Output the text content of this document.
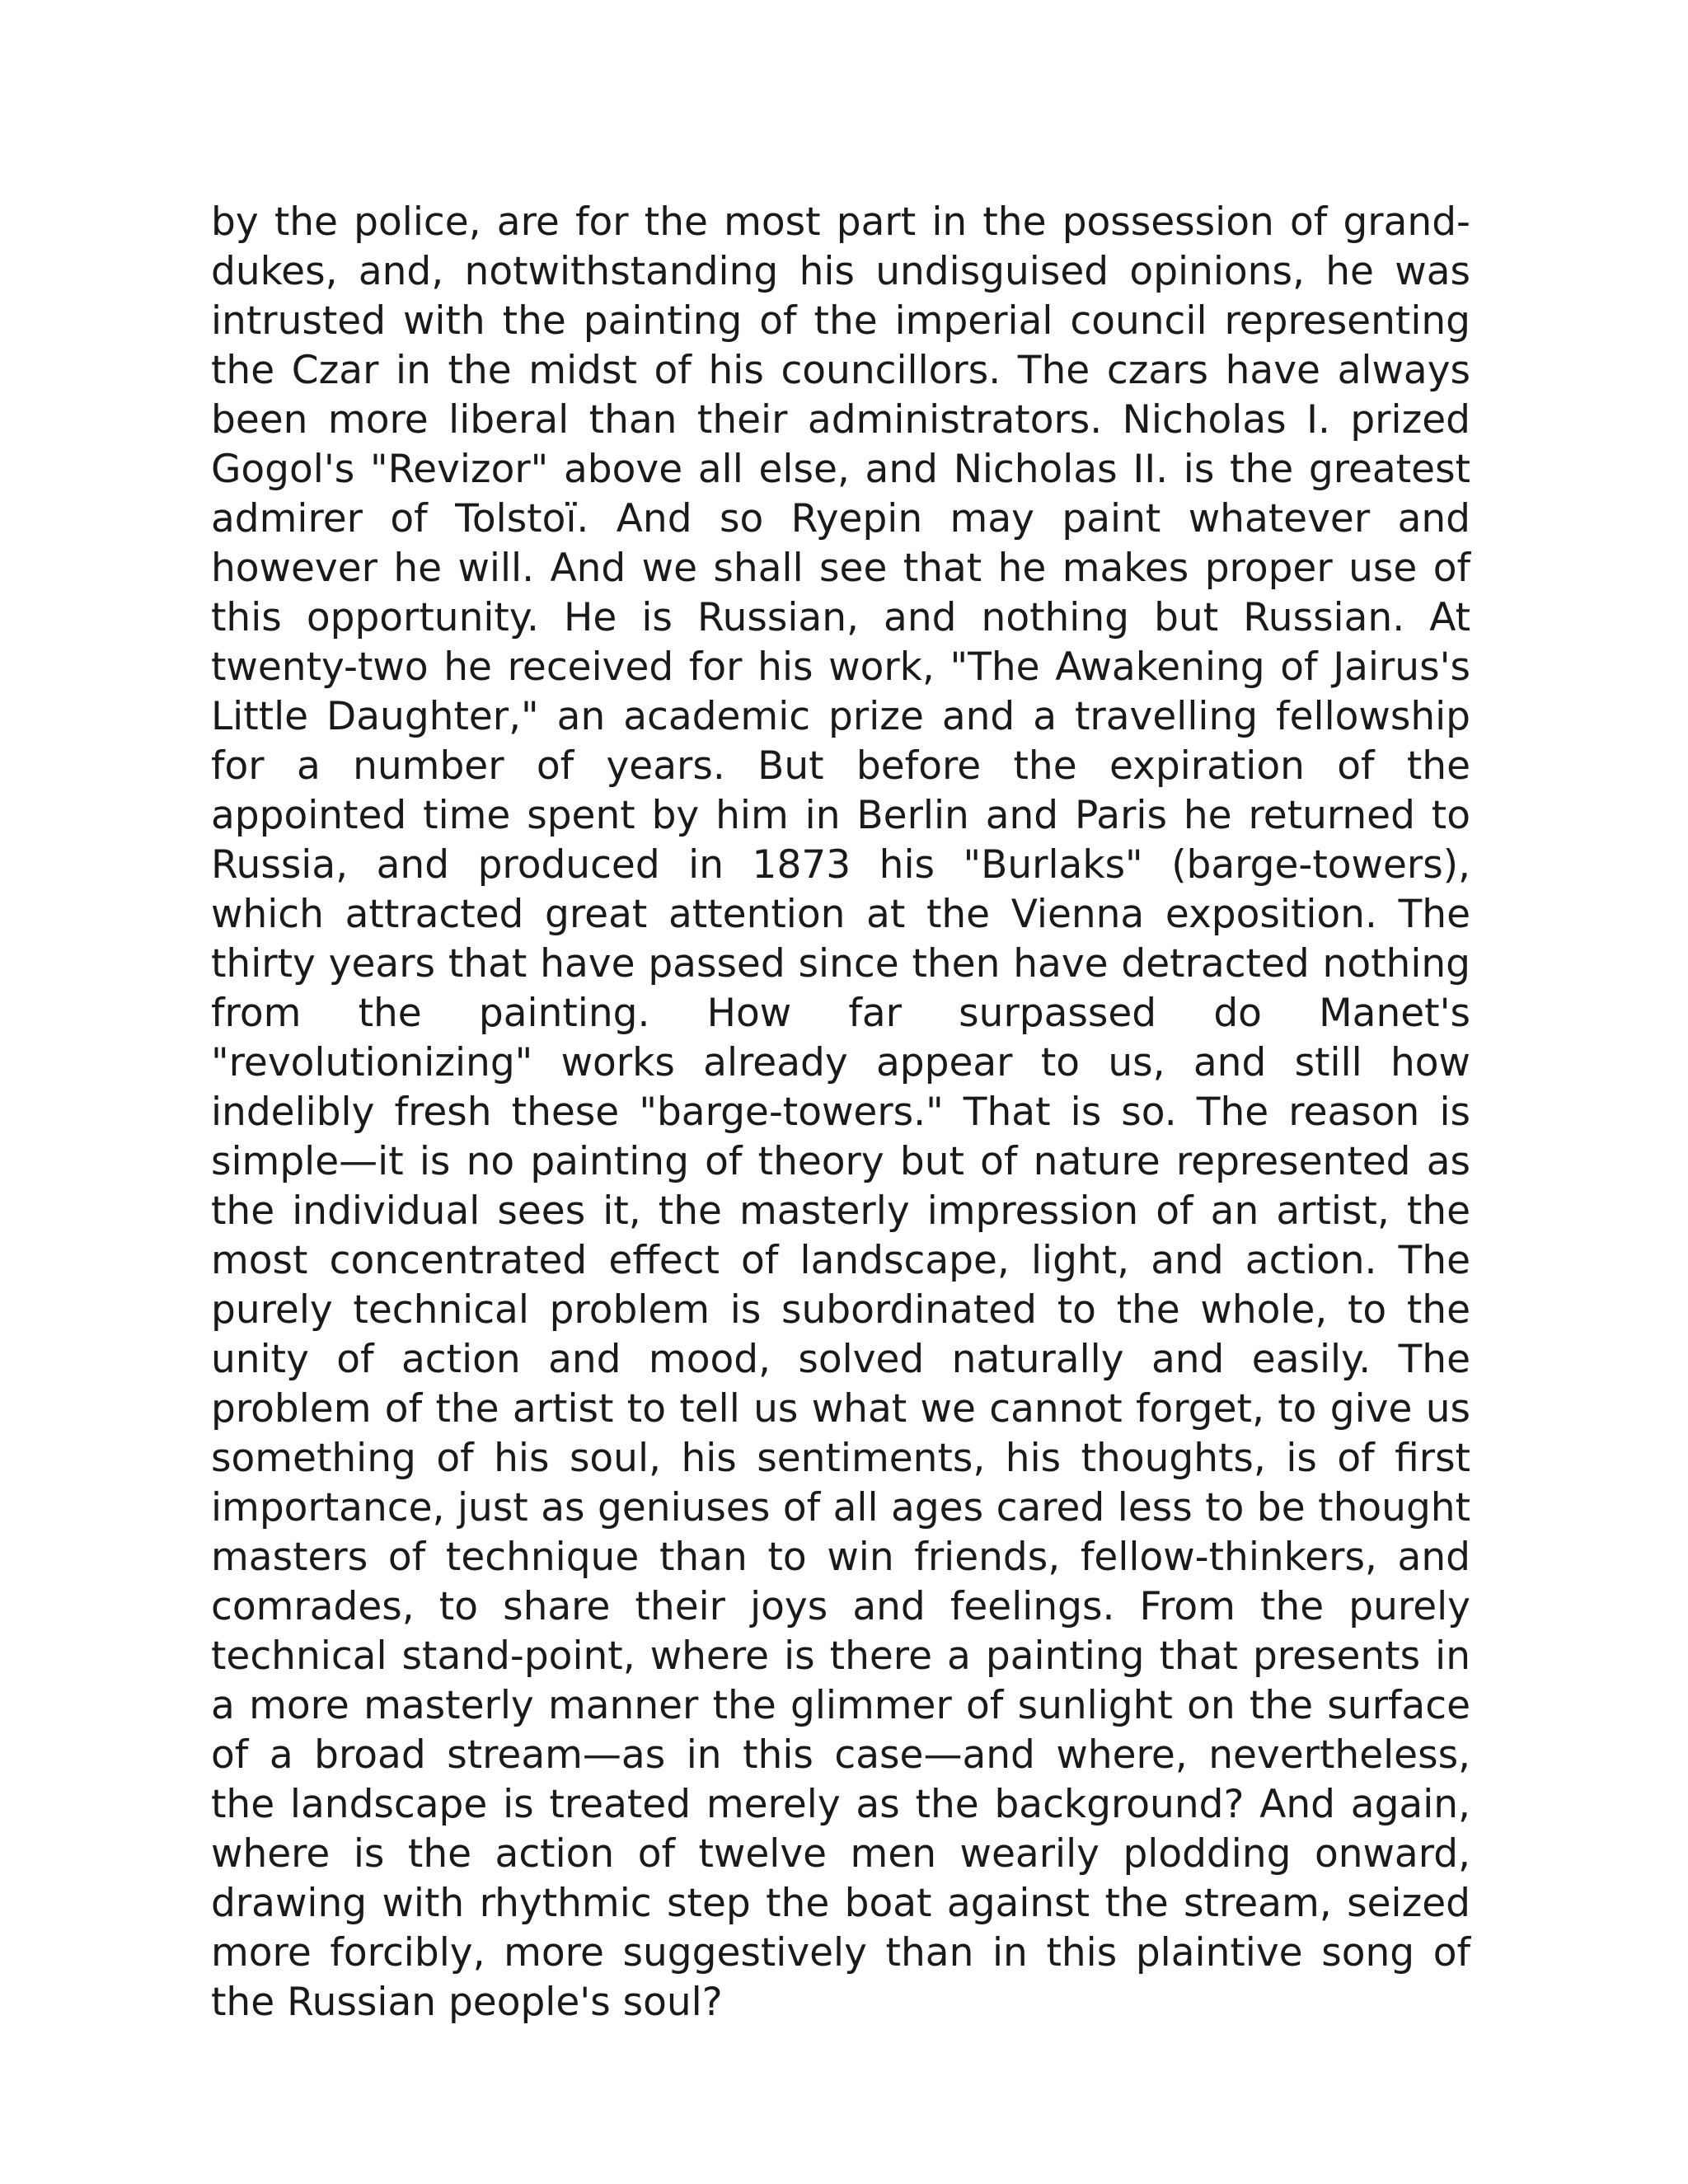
by the police, are for the most part in the possession of grand-dukes, and, notwithstanding his undisguised opinions, he was intrusted with the painting of the imperial council representing the Czar in the midst of his councillors. The czars have always been more liberal than their administrators. Nicholas I. prized Gogol's "Revizor" above all else, and Nicholas II. is the greatest admirer of Tolstoï. And so Ryepin may paint whatever and however he will. And we shall see that he makes proper use of this opportunity. He is Russian, and nothing but Russian. At twenty-two he received for his work, "The Awakening of Jairus's Little Daughter," an academic prize and a travelling fellowship for a number of years. But before the expiration of the appointed time spent by him in Berlin and Paris he returned to Russia, and produced in 1873 his "Burlaks" (barge-towers), which attracted great attention at the Vienna exposition. The thirty years that have passed since then have detracted nothing from the painting. How far surpassed do Manet's "revolutionizing" works already appear to us, and still how indelibly fresh these "barge-towers." That is so. The reason is simple—it is no painting of theory but of nature represented as the individual sees it, the masterly impression of an artist, the most concentrated effect of landscape, light, and action. The purely technical problem is subordinated to the whole, to the unity of action and mood, solved naturally and easily. The problem of the artist to tell us what we cannot forget, to give us something of his soul, his sentiments, his thoughts, is of first importance, just as geniuses of all ages cared less to be thought masters of technique than to win friends, fellow-thinkers, and comrades, to share their joys and feelings. From the purely technical stand-point, where is there a painting that presents in a more masterly manner the glimmer of sunlight on the surface of a broad stream—as in this case—and where, nevertheless, the landscape is treated merely as the background? And again, where is the action of twelve men wearily plodding onward, drawing with rhythmic step the boat against the stream, seized more forcibly, more suggestively than in this plaintive song of the Russian people's soul?
